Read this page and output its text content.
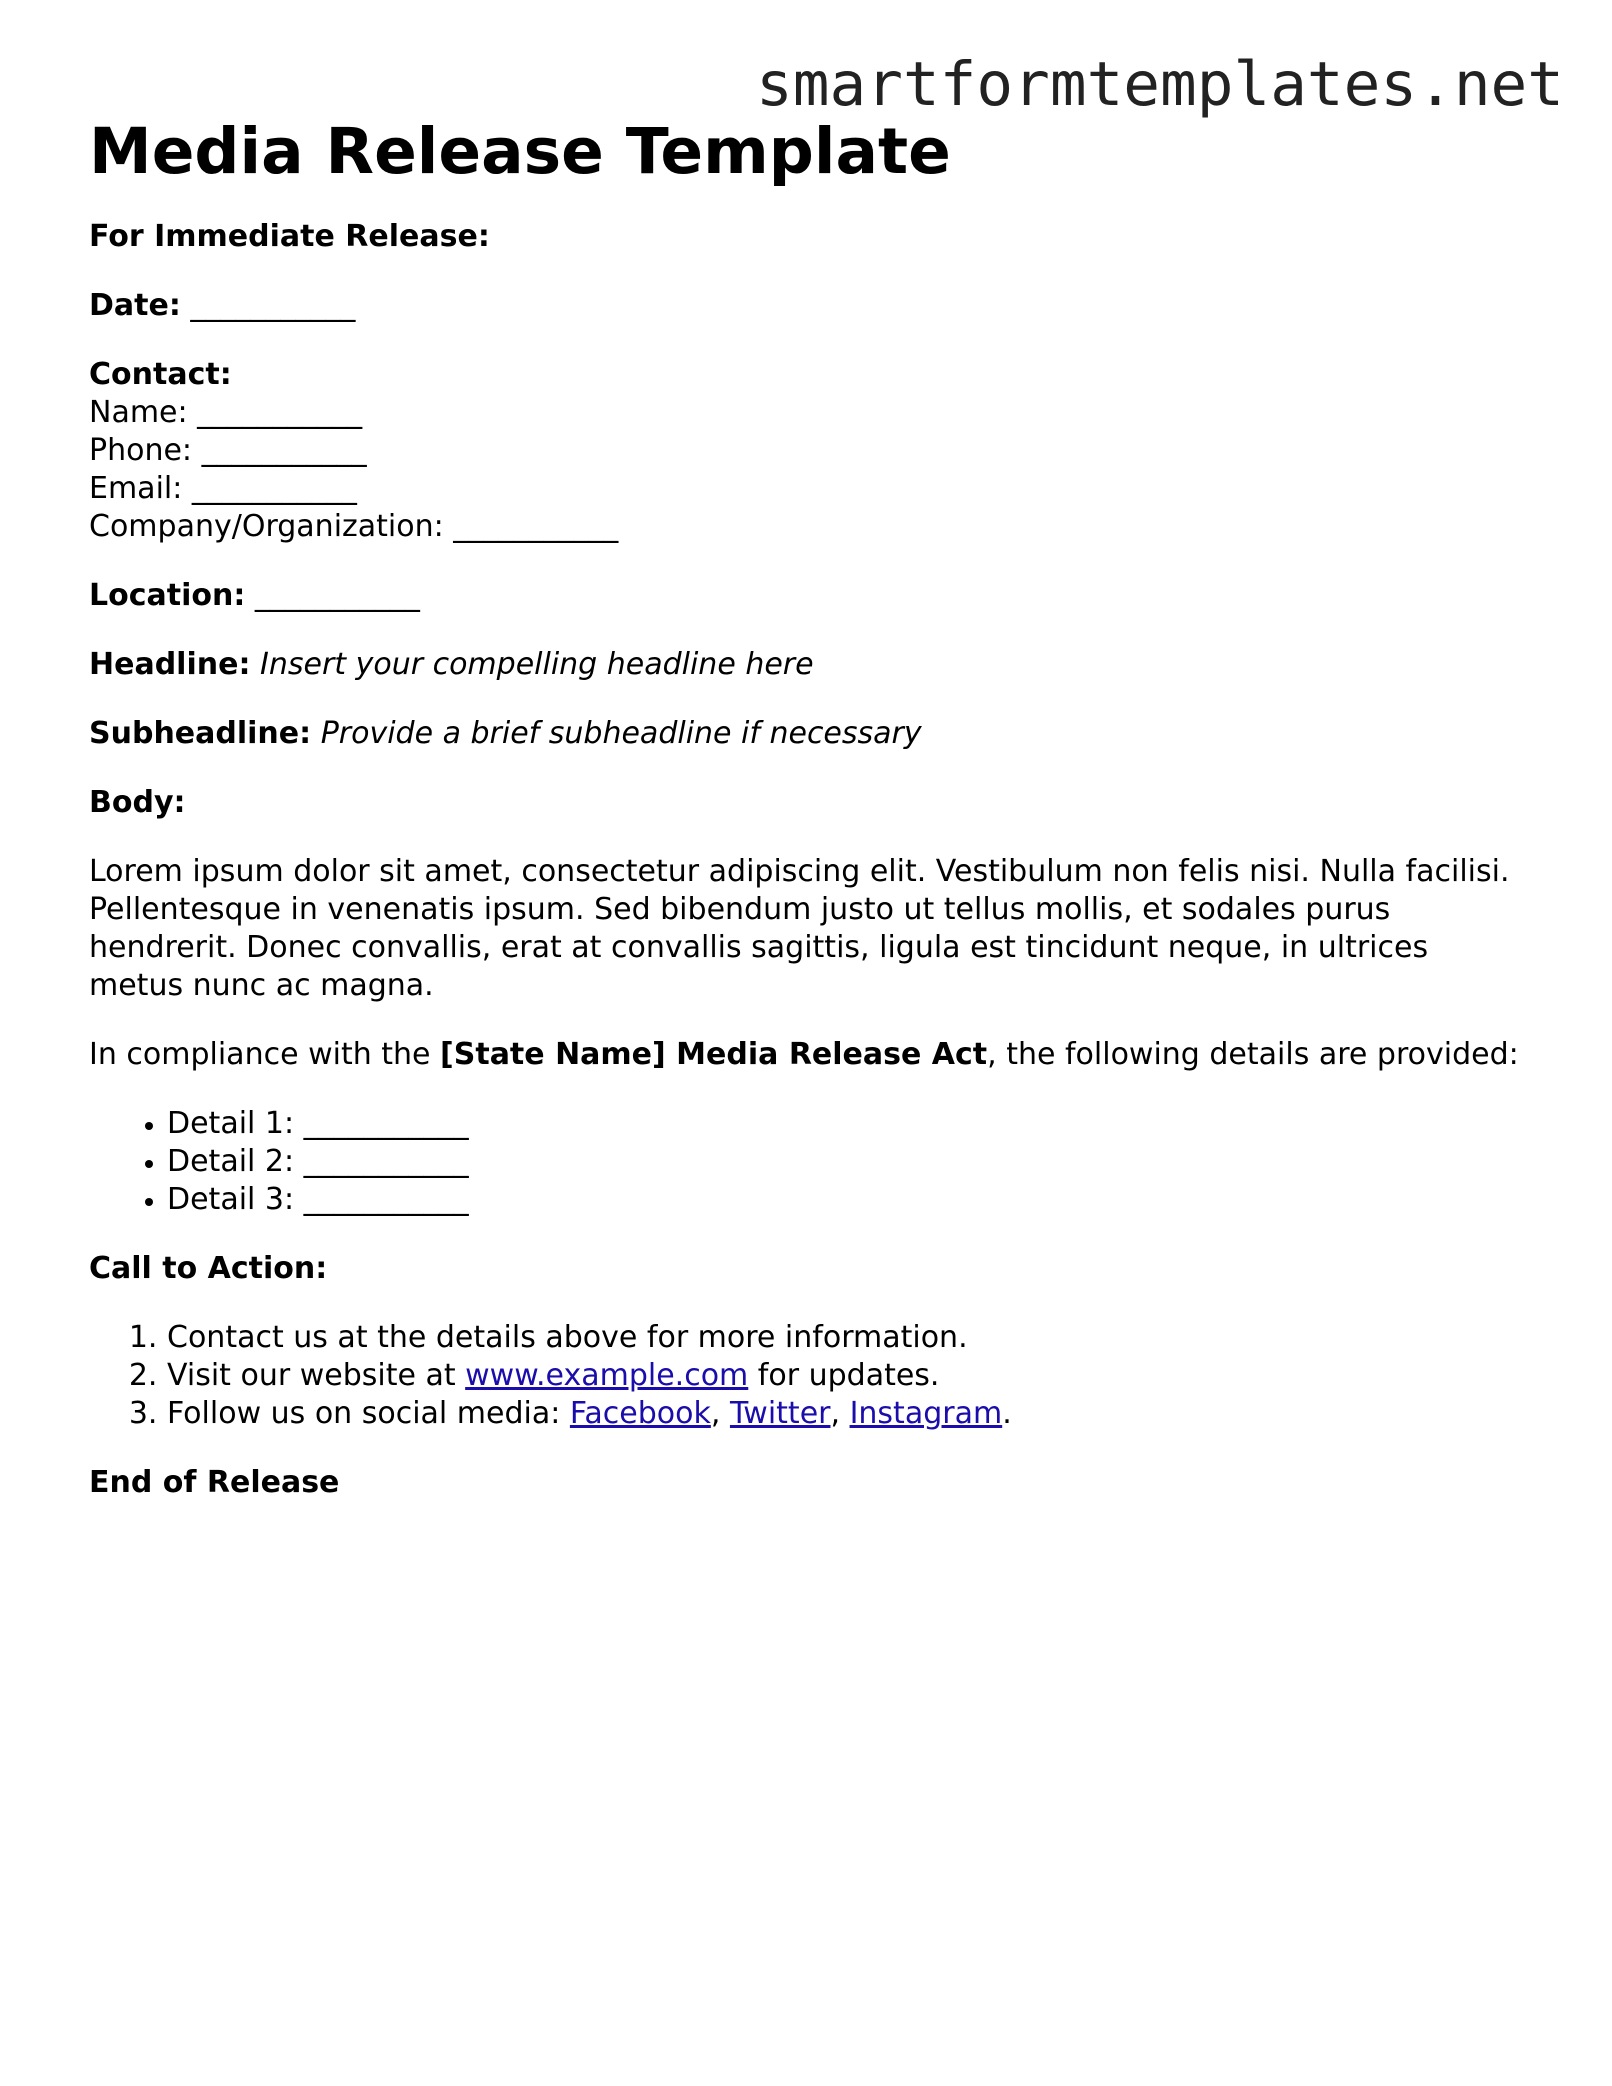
smartformtemplates.net
Media Release Template

For Immediate Release:

Date: ___________

Contact:
Name: ___________
Phone: ___________
Email: ___________
Company/Organization: ___________

Location: ___________

Headline: Insert your compelling headline here

Subheadline: Provide a brief subheadline if necessary

Body:

Lorem ipsum dolor sit amet, consectetur adipiscing elit. Vestibulum non felis nisi. Nulla facilisi. Pellentesque in venenatis ipsum. Sed bibendum justo ut tellus mollis, et sodales purus hendrerit. Donec convallis, erat at convallis sagittis, ligula est tincidunt neque, in ultrices metus nunc ac magna.

In compliance with the [State Name] Media Release Act, the following details are provided:

• Detail 1: ___________
• Detail 2: ___________
• Detail 3: ___________

Call to Action:

1. Contact us at the details above for more information.
2. Visit our website at www.example.com for updates.
3. Follow us on social media: Facebook, Twitter, Instagram.

End of Release
